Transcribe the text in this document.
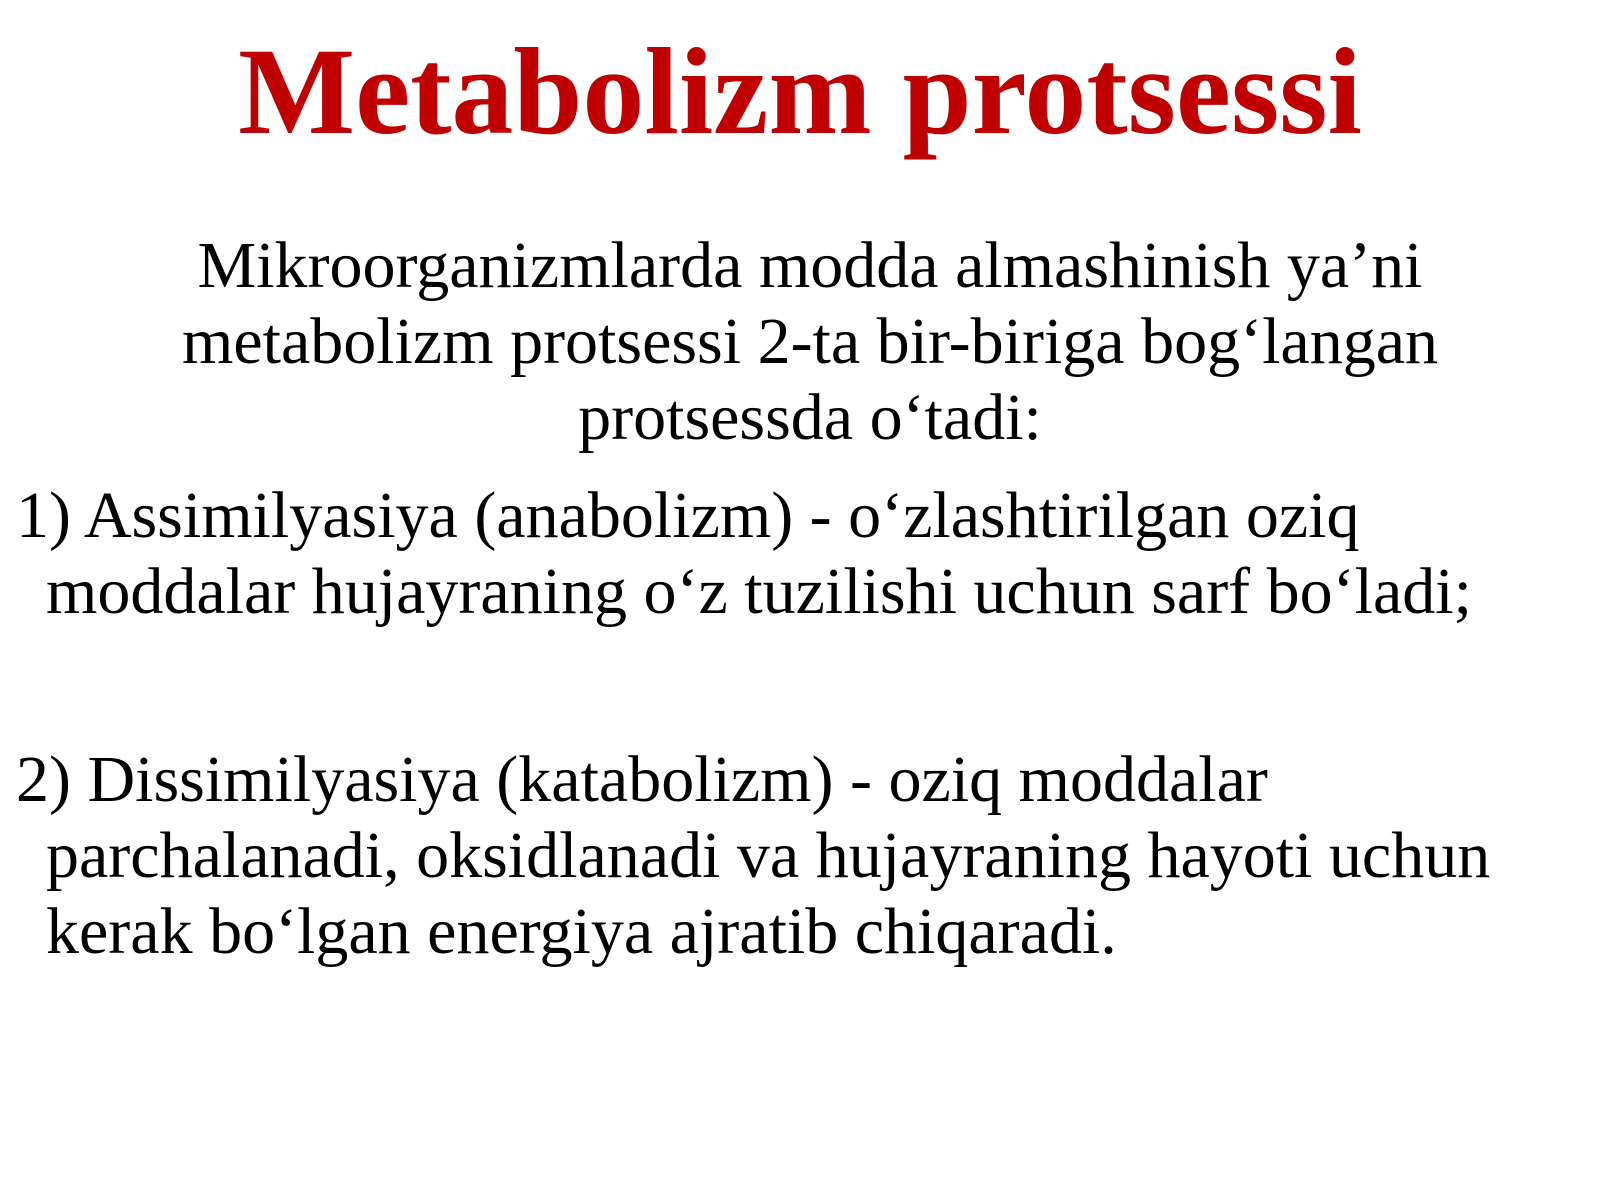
Metabolizm protsessi

Mikroorganizmlarda modda almashinish ya’ni metabolizm protsessi 2-ta bir-biriga bog‘langan protsessda o‘tadi:

1) Assimilyasiya (anabolizm) - o‘zlashtirilgan oziq moddalar hujayraning o‘z tuzilishi uchun sarf bo‘ladi;

2) Dissimilyasiya (katabolizm) - oziq moddalar parchalanadi, oksidlanadi va hujayraning hayoti uchun kerak bo‘lgan energiya ajratib chiqaradi.
